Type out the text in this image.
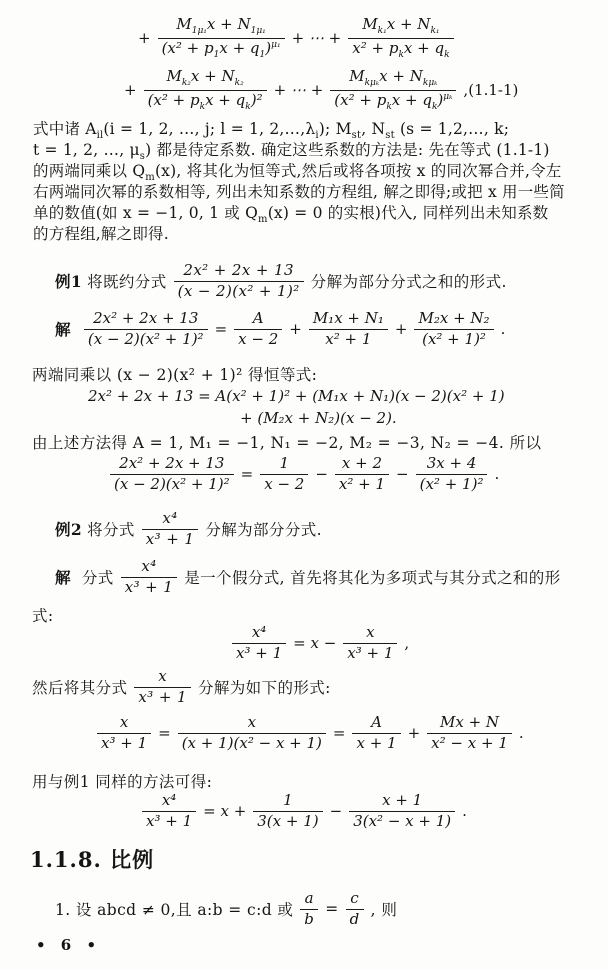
+ $\frac{M_{1\mu_1}x + N_{1\mu_1}}{(x^2 + p_1x + q_1)^{\mu_1}}$ + ⋯ + $\frac{M_{k_1}x + N_{k_1}}{x^2 + p_kx + q_k}$
+ $\frac{M_{k_2}x + N_{k_2}}{(x^2 + p_kx + q_k)^2}$ + ⋯ + $\frac{M_{k\mu_k}x + N_{k\mu_k}}{(x^2 + p_kx + q_k)^{\mu_k}} ,(1.1-1)$
式中诸 $A_{il}(i = 1$, 2, …, j; l = 1, $2,\dots,\lambda_i$); $M_{st}$, $N_{st}$ (s = 1,2,…, k;
t = 1, 2, …, $\mu_s$) 都是待定系数. 确定这些系数的方法是: 先在等式 (1.1-1)
的两端同乘以 $Q_m(x)$, 将其化为恒等式,然后或将各项按 x 的同次幂合并,令左
右两端同次幂的系数相等, 列出未知系数的方程组, 解之即得;或把 x 用一些简
单的数值(如 x = −1, 0, 1 或 $Q_m(x) = 0$ 的实根)代入, 同样列出未知系数
的方程组,解之即得.
例1 将既约分式 $\frac{\text{2x² + 2x + 13}}{\text{(x − 2)(x² + 1)²}}$ 分解为部分分式之和的形式.
解 $\frac{\text{2x² + 2x + 13}}{\text{(x − 2)(x² + 1)²}} = \frac{A}{x - 2} + \frac{\text{M₁x + N₁}}{\text{x² + 1}} + \frac{\text{M₂x + N₂}}{\text{(x² + 1)²}}$ .
两端同乘以 (x − 2)(x² + 1)² 得恒等式:
2x² + 2x + 13 = A(x² + 1)² + (M₁x + N₁)(x − 2)(x² + 1)
+ (M₂x + N₂)(x − 2).
由上述方法得 A = 1, M₁ = −1, N₁ = −2, M₂ = −3, N₂ = −4. 所以
$\frac{\text{2x² + 2x + 13}}{\text{(x − 2)(x² + 1)²}} = \frac{1}{x - 2} - \frac{x + 2}{\text{x² + 1}} - \frac{3x + 4}{\text{(x² + 1)²}}$ .
例2 将分式 $\frac{\text{x⁴}}{\text{x³ + 1}}$ 分解为部分分式.
解 分式 $\frac{\text{x⁴}}{\text{x³ + 1}}$ 是一个假分式, 首先将其化为多项式与其分式之和的形
式:
$\frac{\text{x⁴}}{\text{x³ + 1}} = x - \frac{x}{\text{x³ + 1}}$ ,
然后将其分式 $\frac{x}{\text{x³ + 1}}$ 分解为如下的形式:
$\frac{x}{\text{x³ + 1}} = \frac{x}{\text{(x + 1)(x² − x + 1)}} = \frac{A}{x + 1} + \frac{Mx + N}{\text{x² − x + 1}}$ .
用与例1 同样的方法可得:
$\frac{\text{x⁴}}{\text{x³ + 1}} = x + \frac{1}{3(x + 1)} - \frac{x + 1}{\text{3(x² − x + 1)}}$ .
1.1.8. 比例
1. 设 abcd ≠ 0,且 a:b = c:d 或 $\frac{a}{b} = \frac{c}{d}$ , 则
• 6 •
